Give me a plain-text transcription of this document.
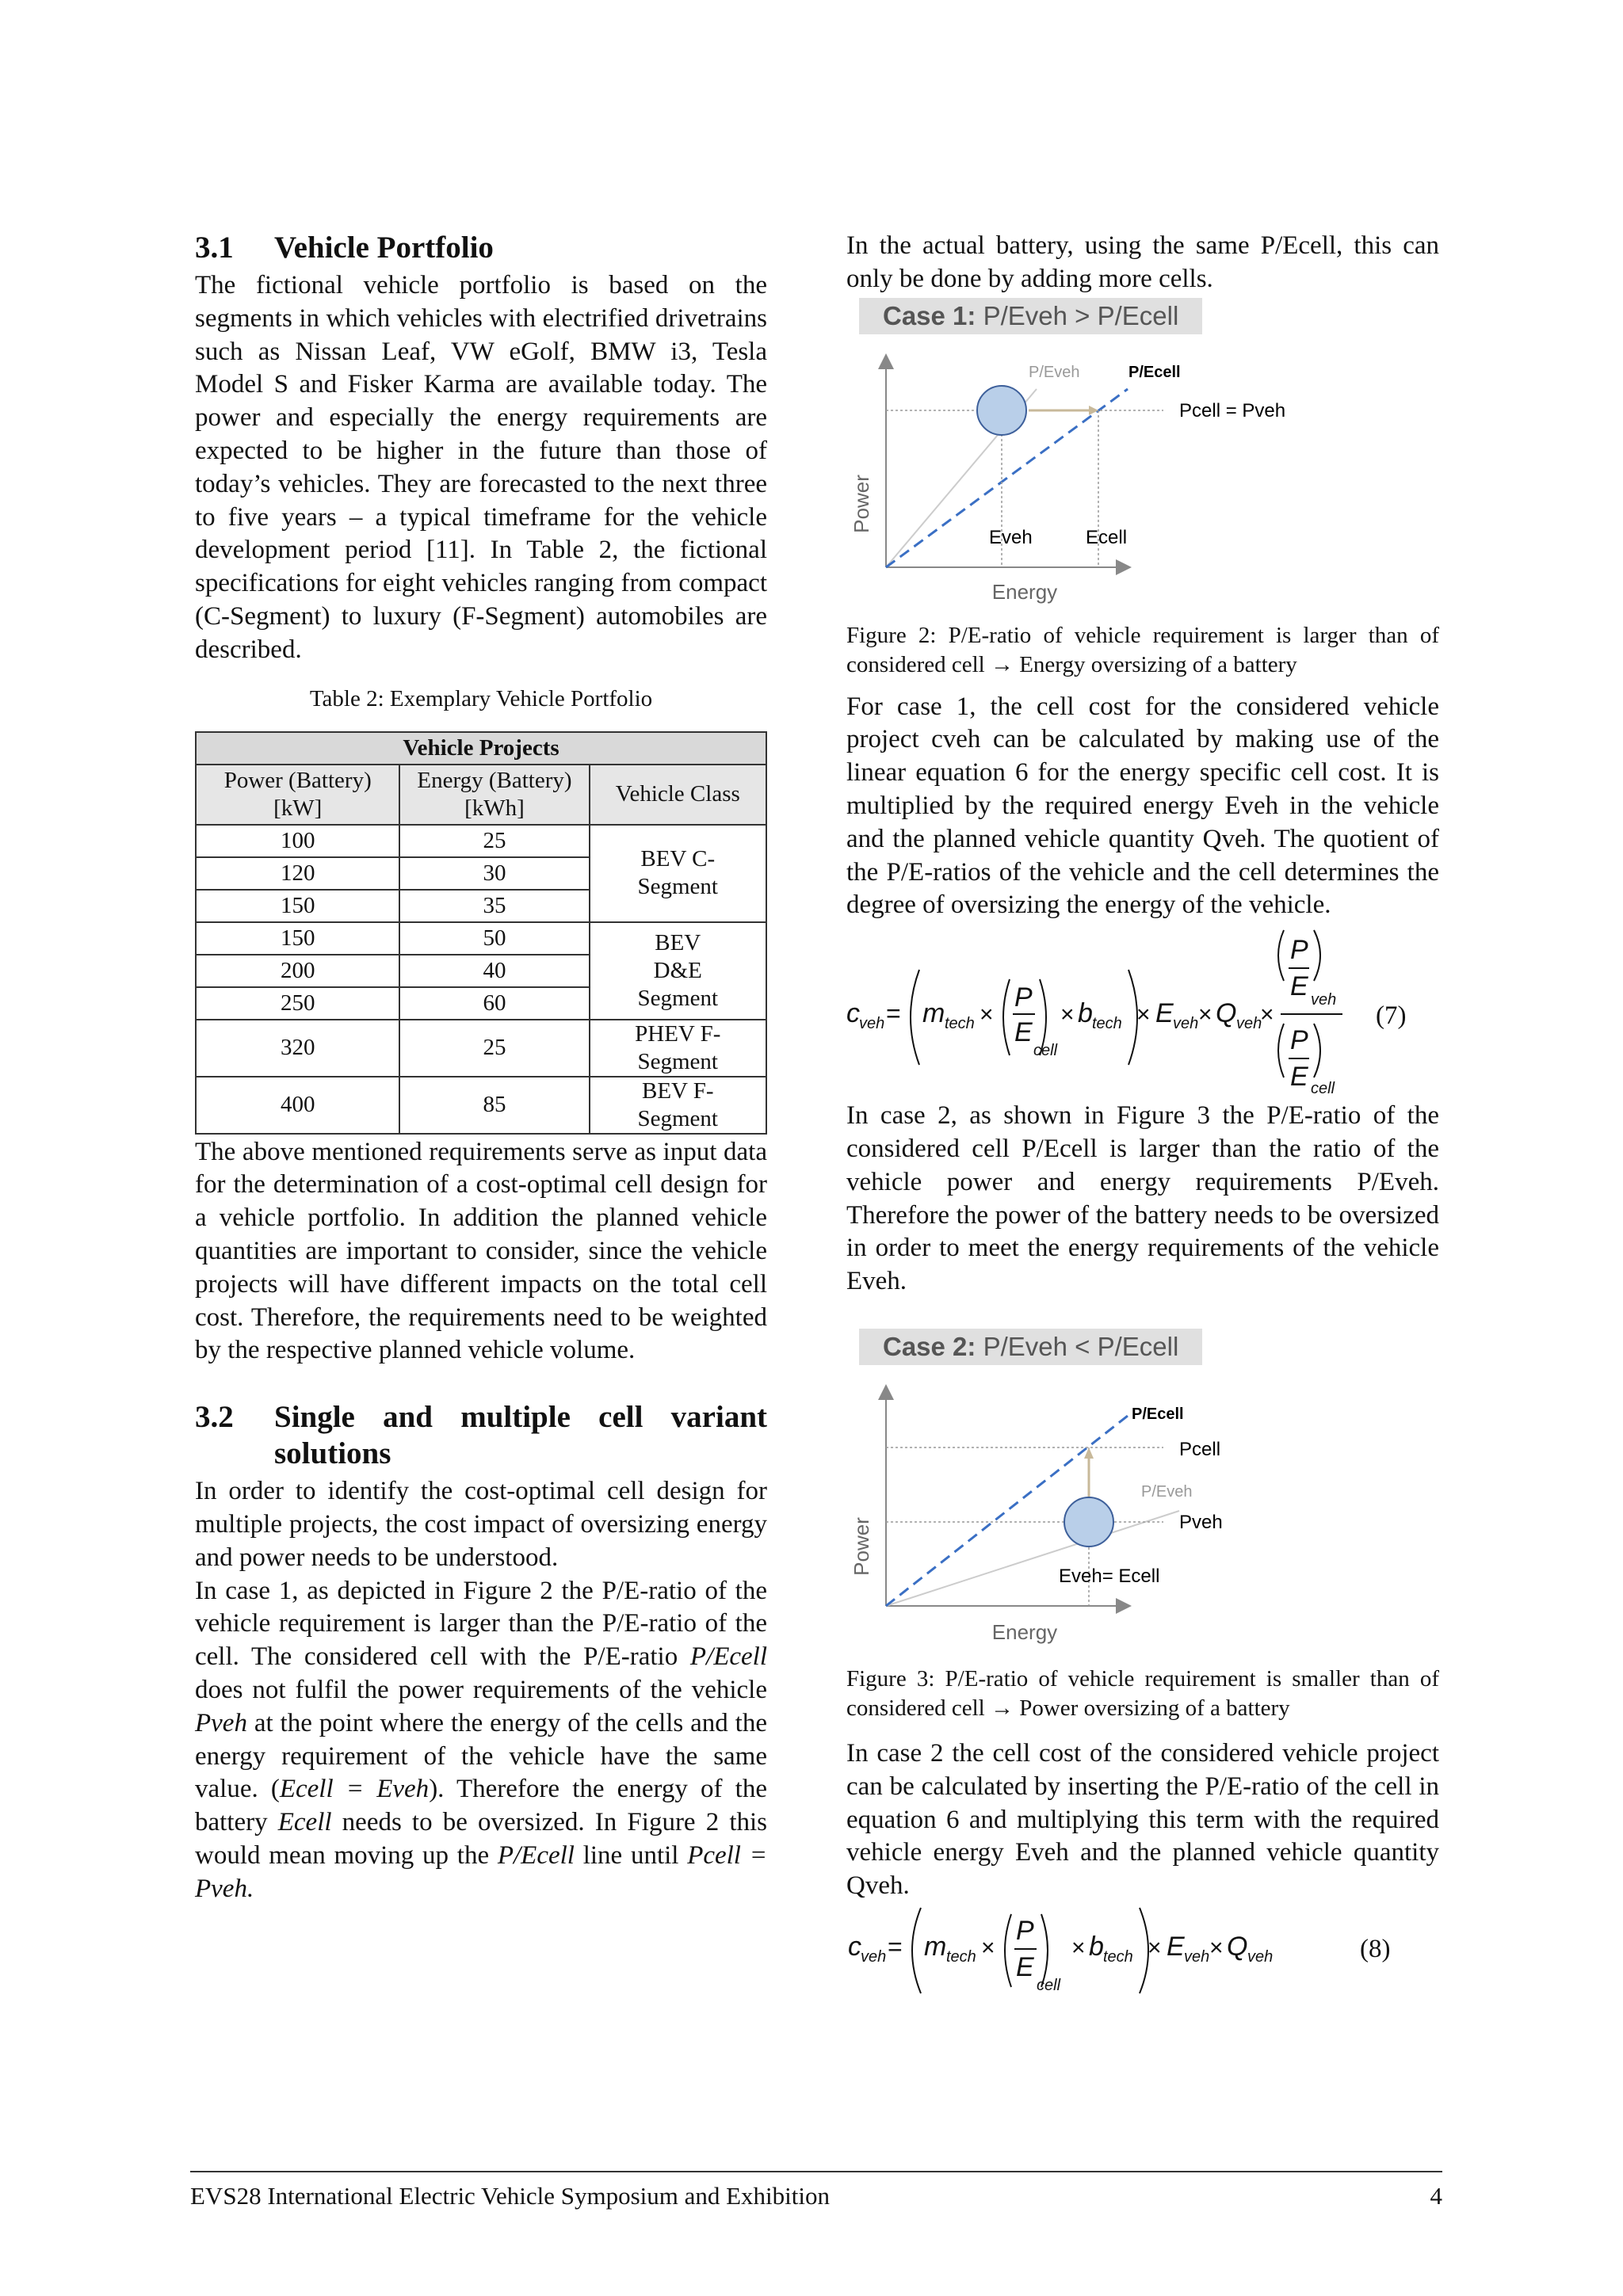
3.1	Vehicle Portfolio

The fictional vehicle portfolio is based on the segments in which vehicles with electrified drivetrains such as Nissan Leaf, VW eGolf, BMW i3, Tesla Model S and Fisker Karma are available today. The power and especially the energy requirements are expected to be higher in the future than those of today’s vehicles. They are forecasted to the next three to five years – a typical timeframe for the vehicle development period [11]. In Table 2, the fictional specifications for eight vehicles ranging from compact (C-Segment) to luxury (F-Segment) automobiles are described.

Table 2: Exemplary Vehicle Portfolio

Vehicle Projects		
Power (Battery) [kW]	Energy (Battery) [kWh]	Vehicle Class
100	25	BEV C-Segment
120	30	
150	35	
150	50	BEV D&E Segment
200	40	
250	60	
320	25	PHEV F- Segment
400	85	BEV F- Segment

The above mentioned requirements serve as input data for the determination of a cost-optimal cell design for a vehicle portfolio. In addition the planned vehicle quantities are important to consider, since the vehicle projects will have different impacts on the total cell cost. Therefore, the requirements need to be weighted by the respective planned vehicle volume.

3.2	Single and multiple cell variant solutions

In order to identify the cost-optimal cell design for multiple projects, the cost impact of oversizing energy and power needs to be understood.

In case 1, as depicted in Figure 2 the P/E-ratio of the vehicle requirement is larger than the P/E-ratio of the cell. The considered cell with the P/E-ratio P/Ecell does not fulfil the power requirements of the vehicle Pveh at the point where the energy of the cells and the energy requirement of the vehicle have the same value. (Ecell = Eveh). Therefore the energy of the battery Ecell needs to be oversized. In Figure 2 this would mean moving up the P/Ecell line until Pcell = Pveh.

In the actual battery, using the same P/Ecell, this can only be done by adding more cells.

Case 1: P/Eveh > P/Ecell
Power
Energy
P/Eveh	P/Ecell
Pcell = Pveh
Eveh	Ecell

Figure 2: P/E-ratio of vehicle requirement is larger than of considered cell → Energy oversizing of a battery

For case 1, the cell cost for the considered vehicle project cveh can be calculated by making use of the linear equation 6 for the energy specific cell cost. It is multiplied by the required energy Eveh in the vehicle and the planned vehicle quantity Qveh. The quotient of the P/E-ratios of the vehicle and the cell determines the degree of oversizing the energy of the vehicle.

c veh = m tech ×
P
E
cell
× b tech × E veh × Q veh
×
P
E veh
P
E cell
(7)

In case 2, as shown in Figure 3 the P/E-ratio of the considered cell P/Ecell is larger than the ratio of the vehicle power and energy requirements P/Eveh. Therefore the power of the battery needs to be oversized in order to meet the energy requirements of the vehicle Eveh.

Case 2: P/Eveh < P/Ecell
Power
Energy
P/Ecell
Pcell
P/Eveh
Pveh
Eveh= Ecell

Figure 3: P/E-ratio of vehicle requirement is smaller than of considered cell → Power oversizing of a battery

In case 2 the cell cost of the considered vehicle project can be calculated by inserting the P/E-ratio of the cell in equation 6 and multiplying this term with the required vehicle energy Eveh and the planned vehicle quantity Qveh.

c veh = m tech ×
P
E
cell
× b tech × E veh × Q veh	(8)
EVS28 International Electric Vehicle Symposium and Exhibition	4
